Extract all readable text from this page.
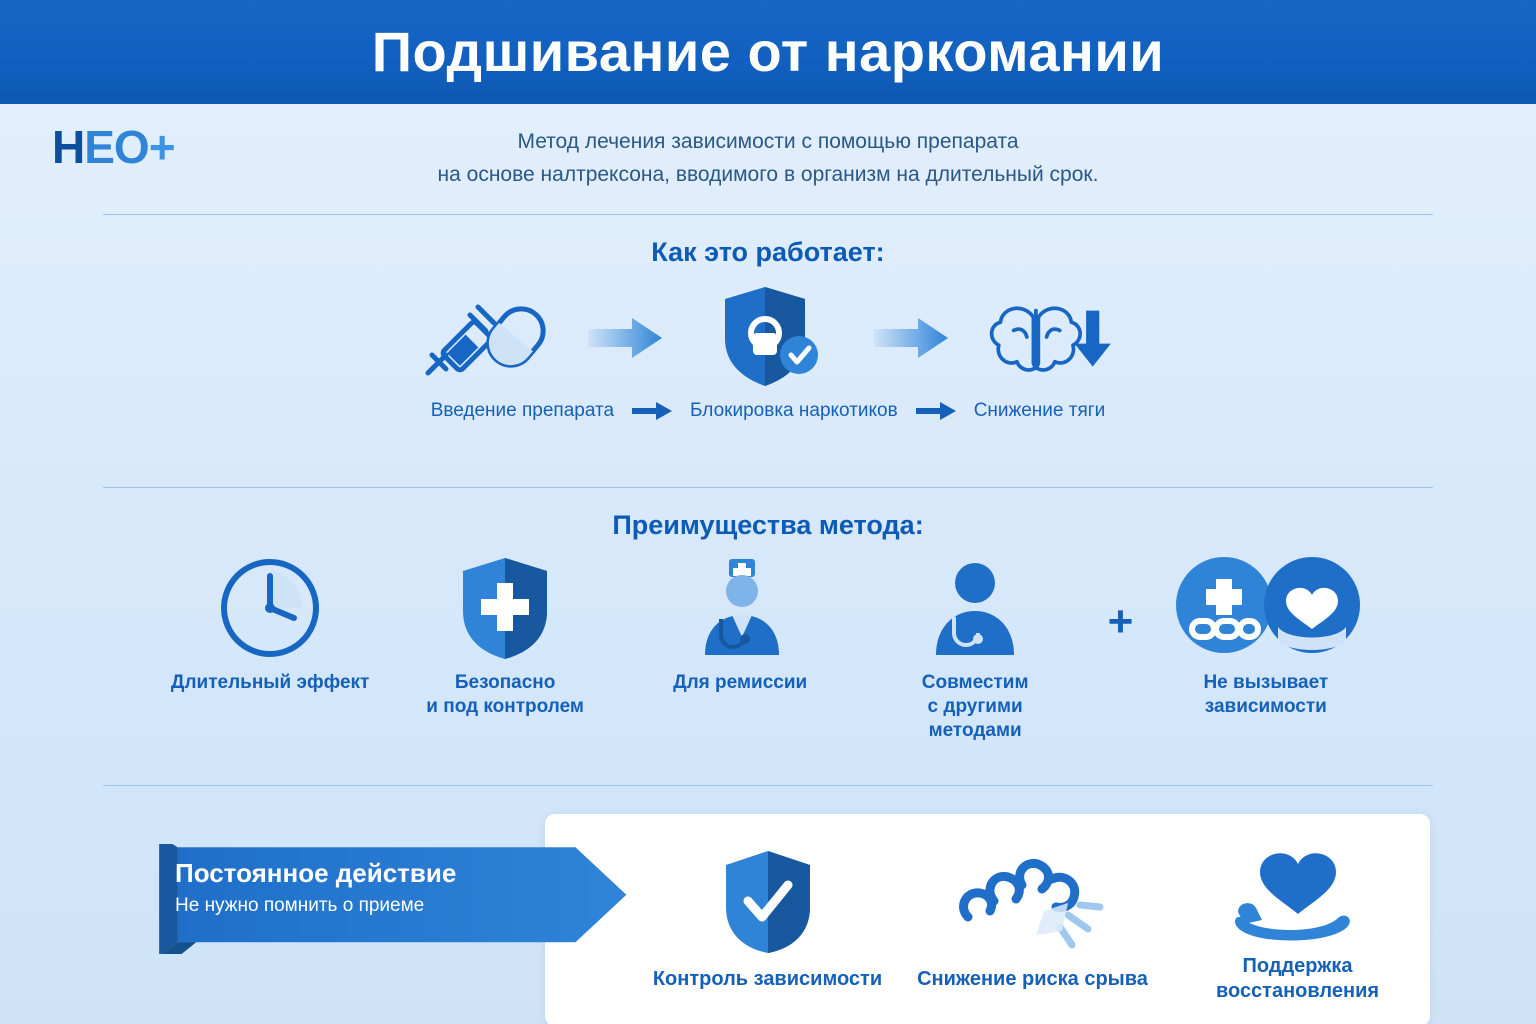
Подшивание от наркомании
НЕО+	Метод лечения зависимости с помощью препарата
на основе налтрексона, вводимого в организм на длительный срок.
Как это работает:
Введение препарата	Блокировка наркотиков	Снижение тяги
Преимущества метода:
Длительный эффект	Безопасно
и под контролем
Для ремиссии	Совместим
с другими
методами
+
Не вызывает
зависимости
Контроль зависимости Снижение риска срыва
Поддержка
восстановления
Постоянное действие
Не нужно помнить о приеме
